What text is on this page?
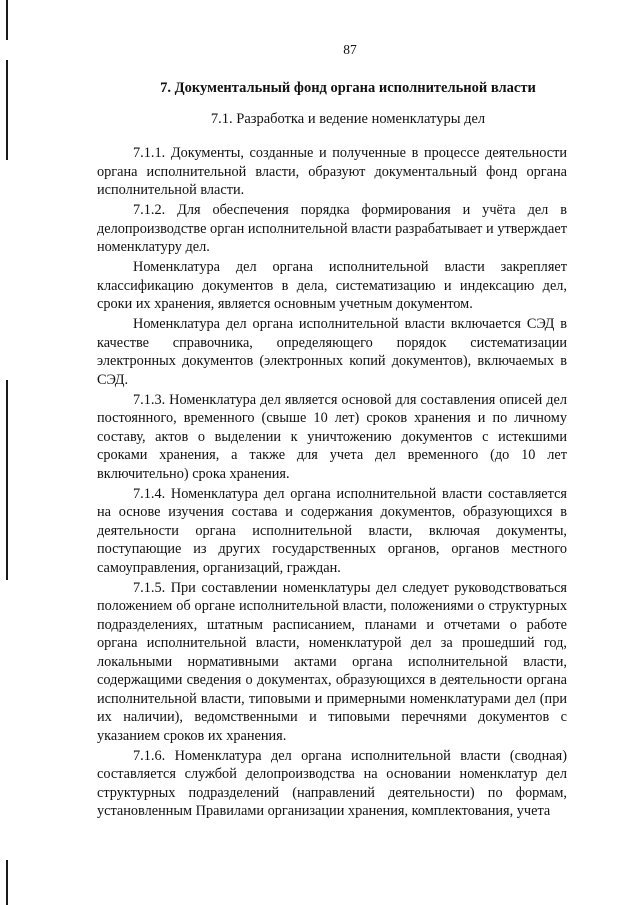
87
7. Документальный фонд органа исполнительной власти
7.1. Разработка и ведение номенклатуры дел

7.1.1. Документы, созданные и полученные в процессе деятельности органа исполнительной власти, образуют документальный фонд органа исполнительной власти.

7.1.2. Для обеспечения порядка формирования и учёта дел в делопроизводстве орган исполнительной власти разрабатывает и утверждает номенклатуру дел.

Номенклатура дел органа исполнительной власти закрепляет классификацию документов в дела, систематизацию и индексацию дел, сроки их хранения, является основным учетным документом.

Номенклатура дел органа исполнительной власти включается СЭД в качестве справочника, определяющего порядок систематизации электронных документов (электронных копий документов), включаемых в СЭД.

7.1.3. Номенклатура дел является основой для составления описей дел постоянного, временного (свыше 10 лет) сроков хранения и по личному составу, актов о выделении к уничтожению документов с истекшими сроками хранения, а также для учета дел временного (до 10 лет включительно) срока хранения.

7.1.4. Номенклатура дел органа исполнительной власти составляется на основе изучения состава и содержания документов, образующихся в деятельности органа исполнительной власти, включая документы, поступающие из других государственных органов, органов местного самоуправления, организаций, граждан.

7.1.5. При составлении номенклатуры дел следует руководствоваться положением об органе исполнительной власти, положениями о структурных подразделениях, штатным расписанием, планами и отчетами о работе органа исполнительной власти, номенклатурой дел за прошедший год, локальными нормативными актами органа исполнительной власти, содержащими сведения о документах, образующихся в деятельности органа исполнительной власти, типовыми и примерными номенклатурами дел (при их наличии), ведомственными и типовыми перечнями документов с указанием сроков их хранения.

7.1.6. Номенклатура дел органа исполнительной власти (сводная) составляется службой делопроизводства на основании номенклатур дел структурных подразделений (направлений деятельности) по формам, установленным Правилами организации хранения, комплектования, учета
